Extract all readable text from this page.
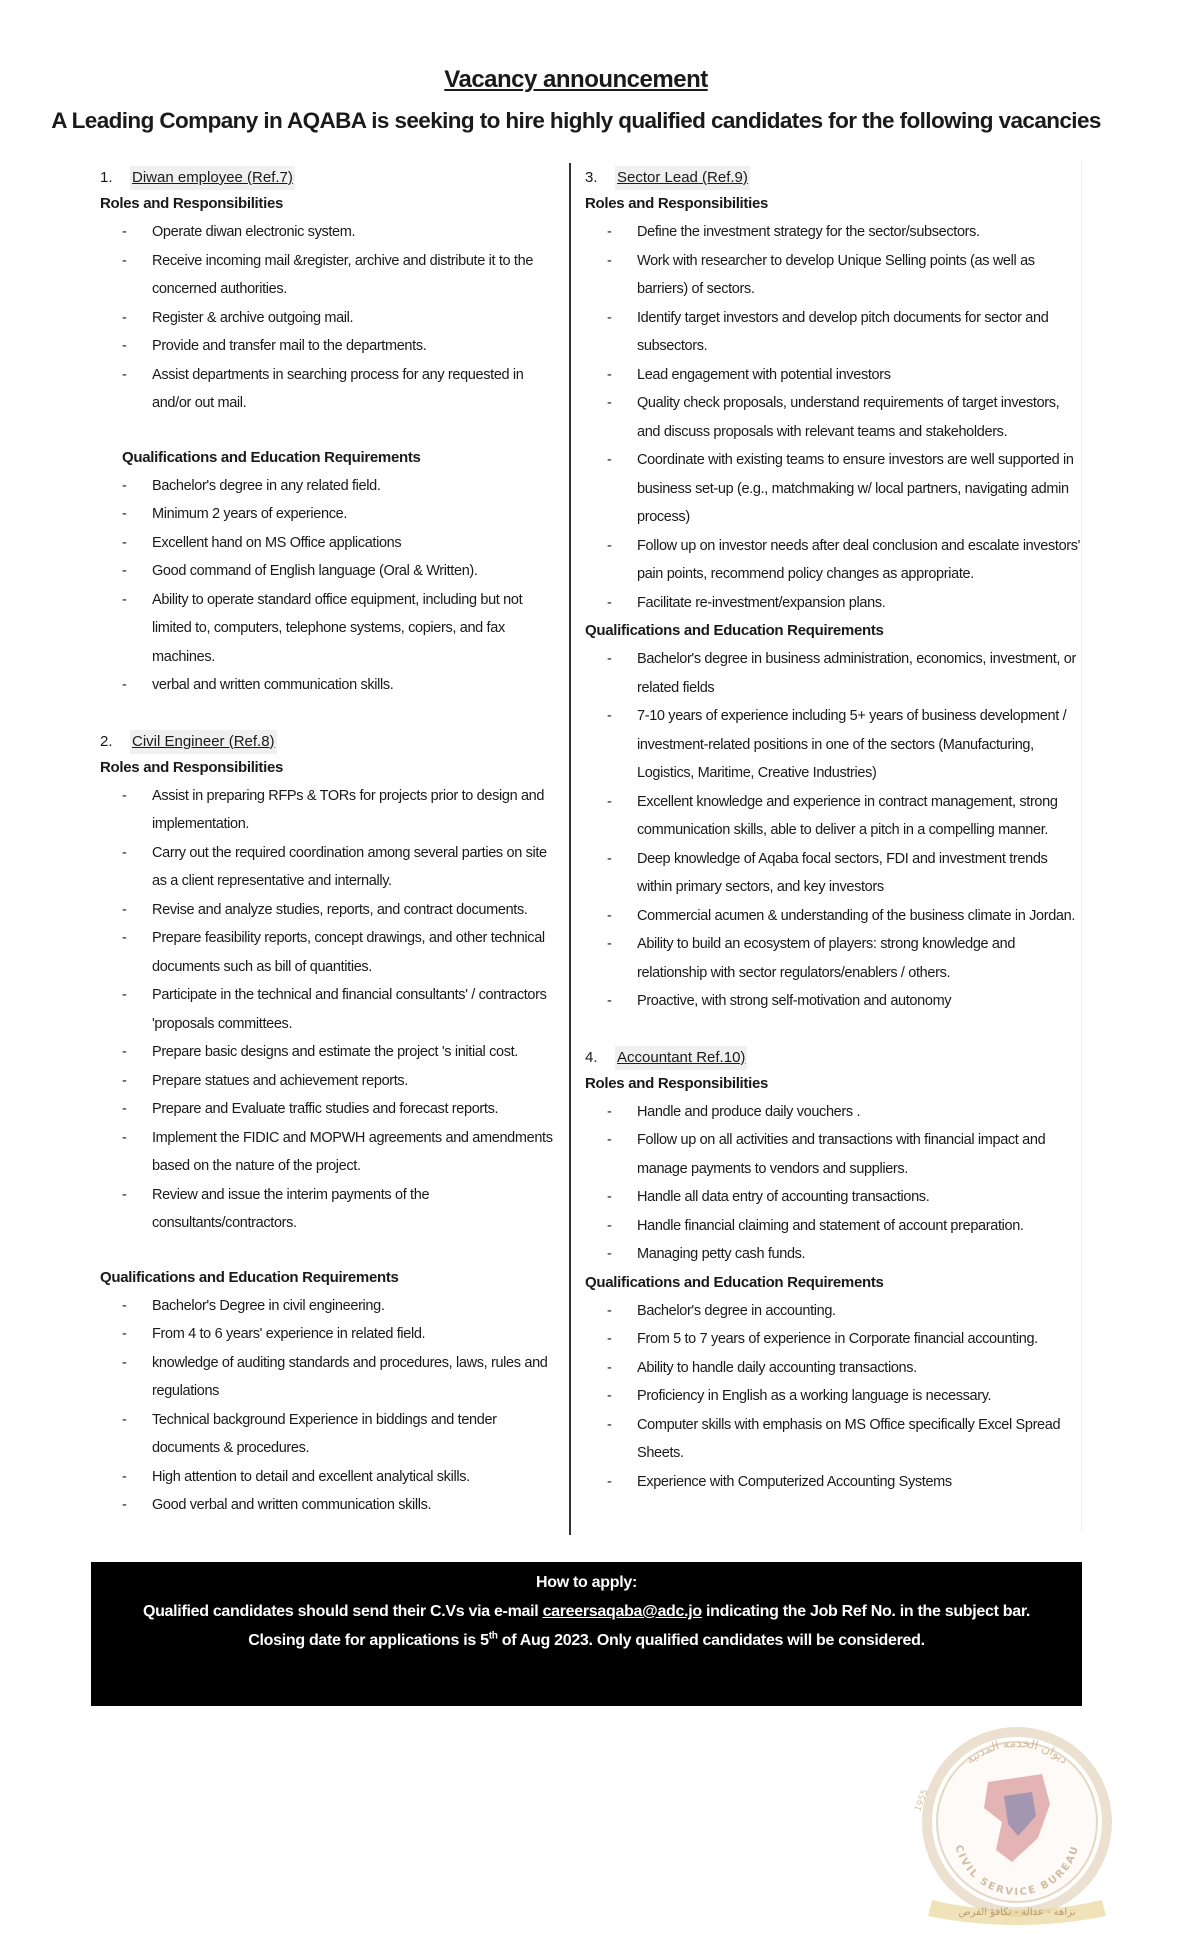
Vacancy announcement
A Leading Company in AQABA is seeking to hire highly qualified candidates for the following vacancies
1. Diwan employee (Ref.7)
Roles and Responsibilities
- Operate diwan electronic system.
- Receive incoming mail &register, archive and distribute it to the concerned authorities.
- Register & archive outgoing mail.
- Provide and transfer mail to the departments.
- Assist departments in searching process for any requested in and/or out mail.
Qualifications and Education Requirements
- Bachelor's degree in any related field.
- Minimum 2 years of experience.
- Excellent hand on MS Office applications
- Good command of English language (Oral & Written).
- Ability to operate standard office equipment, including but not limited to, computers, telephone systems, copiers, and fax machines.
- verbal and written communication skills.
2. Civil Engineer (Ref.8)
Roles and Responsibilities
- Assist in preparing RFPs & TORs for projects prior to design and implementation.
- Carry out the required coordination among several parties on site as a client representative and internally.
- Revise and analyze studies, reports, and contract documents.
- Prepare feasibility reports, concept drawings, and other technical documents such as bill of quantities.
- Participate in the technical and financial consultants' / contractors 'proposals committees.
- Prepare basic designs and estimate the project 's initial cost.
- Prepare statues and achievement reports.
- Prepare and Evaluate traffic studies and forecast reports.
- Implement the FIDIC and MOPWH agreements and amendments based on the nature of the project.
- Review and issue the interim payments of the consultants/contractors.
Qualifications and Education Requirements
- Bachelor's Degree in civil engineering.
- From 4 to 6 years' experience in related field.
- knowledge of auditing standards and procedures, laws, rules and regulations
- Technical background Experience in biddings and tender documents & procedures.
- High attention to detail and excellent analytical skills.
- Good verbal and written communication skills.
3. Sector Lead (Ref.9)
Roles and Responsibilities
- Define the investment strategy for the sector/subsectors.
- Work with researcher to develop Unique Selling points (as well as barriers) of sectors.
- Identify target investors and develop pitch documents for sector and subsectors.
- Lead engagement with potential investors
- Quality check proposals, understand requirements of target investors, and discuss proposals with relevant teams and stakeholders.
- Coordinate with existing teams to ensure investors are well supported in business set-up (e.g., matchmaking w/ local partners, navigating admin process)
- Follow up on investor needs after deal conclusion and escalate investors' pain points, recommend policy changes as appropriate.
- Facilitate re-investment/expansion plans.
Qualifications and Education Requirements
- Bachelor's degree in business administration, economics, investment, or related fields
- 7-10 years of experience including 5+ years of business development / investment-related positions in one of the sectors (Manufacturing, Logistics, Maritime, Creative Industries)
- Excellent knowledge and experience in contract management, strong communication skills, able to deliver a pitch in a compelling manner.
- Deep knowledge of Aqaba focal sectors, FDI and investment trends within primary sectors, and key investors
- Commercial acumen & understanding of the business climate in Jordan.
- Ability to build an ecosystem of players: strong knowledge and relationship with sector regulators/enablers / others.
- Proactive, with strong self-motivation and autonomy
4. Accountant Ref.10)
Roles and Responsibilities
- Handle and produce daily vouchers .
- Follow up on all activities and transactions with financial impact and manage payments to vendors and suppliers.
- Handle all data entry of accounting transactions.
- Handle financial claiming and statement of account preparation.
- Managing petty cash funds.
Qualifications and Education Requirements
- Bachelor's degree in accounting.
- From 5 to 7 years of experience in Corporate financial accounting.
- Ability to handle daily accounting transactions.
- Proficiency in English as a working language is necessary.
- Computer skills with emphasis on MS Office specifically Excel Spread Sheets.
- Experience with Computerized Accounting Systems
How to apply:
Qualified candidates should send their C.Vs via e-mail careersaqaba@adc.jo indicating the Job Ref No. in the subject bar.
Closing date for applications is 5th of Aug 2023. Only qualified candidates will be considered.
ديوان الخدمة المدنية
CIVIL SERVICE BUREAU
1955
نزاهة - عدالة - تكافؤ الفرص
